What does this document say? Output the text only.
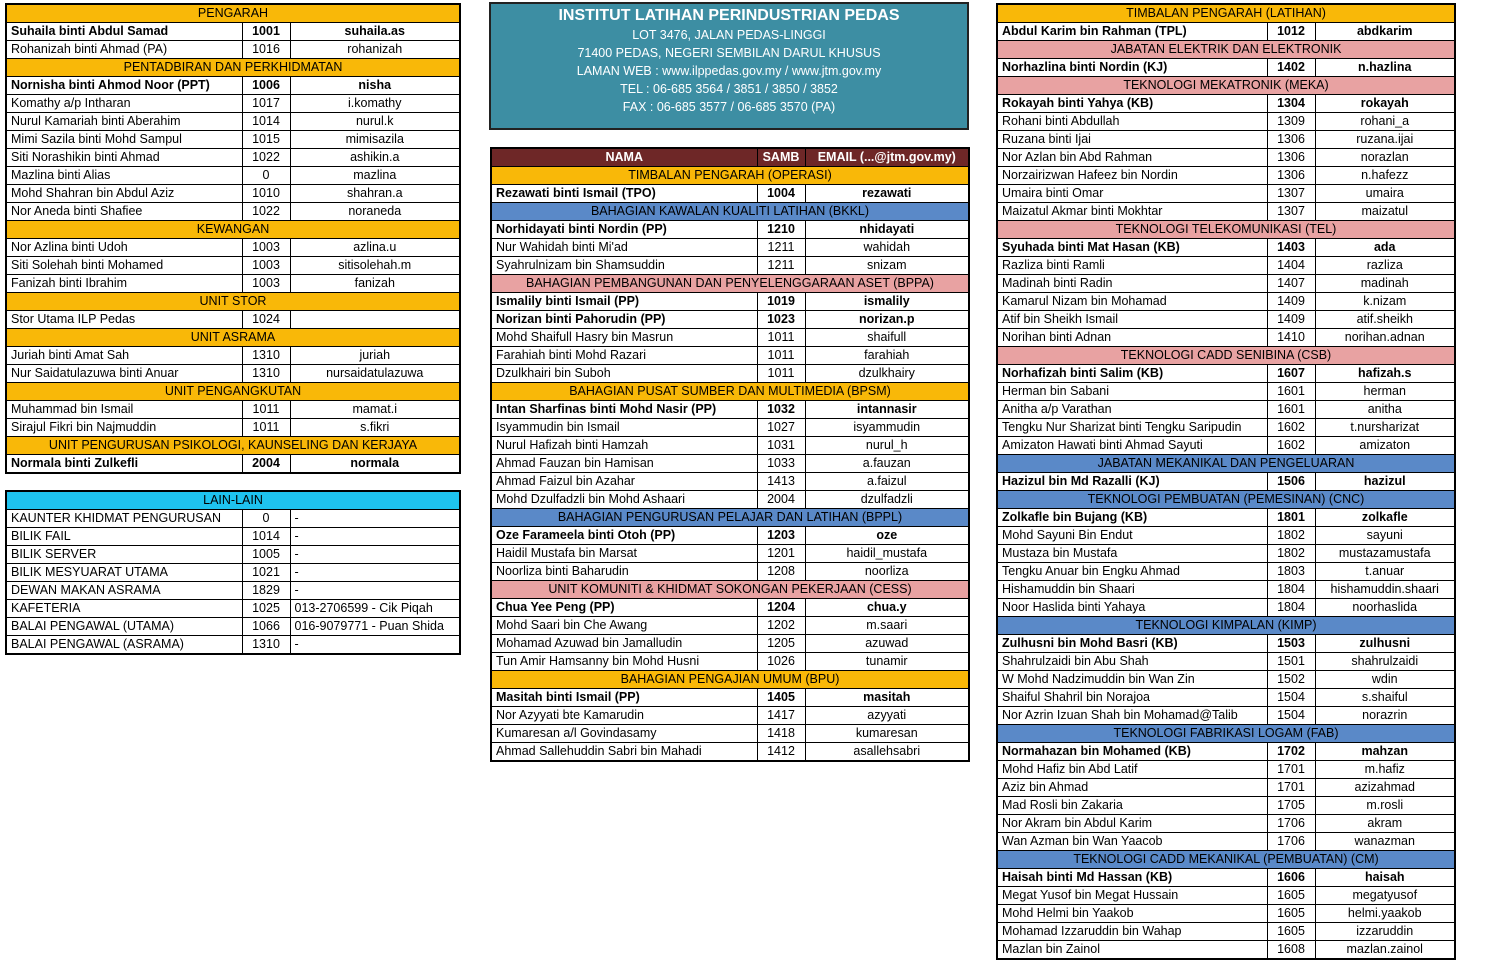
INSTITUT LATIHAN PERINDUSTRIAN PEDAS
LOT 3476, JALAN PEDAS-LINGGI
71400 PEDAS, NEGERI SEMBILAN DARUL KHUSUS
LAMAN WEB : www.ilppedas.gov.my / www.jtm.gov.my
TEL : 06-685 3564 / 3851 / 3850 / 3852
FAX : 06-685 3577 / 06-685 3570 (PA)
PENGARAH		
Suhaila binti Abdul Samad	1001	suhaila.as
Rohanizah binti Ahmad (PA)	1016	rohanizah
PENTADBIRAN DAN PERKHIDMATAN		
Nornisha binti Ahmod Noor (PPT)	1006	nisha
Komathy a/p Intharan	1017	i.komathy
Nurul Kamariah binti Aberahim	1014	nurul.k
Mimi Sazila binti Mohd Sampul	1015	mimisazila
Siti Norashikin binti Ahmad	1022	ashikin.a
Mazlina binti Alias	0	mazlina
Mohd Shahran bin Abdul Aziz	1010	shahran.a
Nor Aneda binti Shafiee	1022	noraneda
KEWANGAN		
Nor Azlina binti Udoh	1003	azlina.u
Siti Solehah binti Mohamed	1003	sitisolehah.m
Fanizah binti Ibrahim	1003	fanizah
UNIT STOR		
Stor Utama ILP Pedas	1024	
UNIT ASRAMA		
Juriah binti Amat Sah	1310	juriah
Nur Saidatulazuwa binti Anuar	1310	nursaidatulazuwa
UNIT PENGANGKUTAN		
Muhammad bin Ismail	1011	mamat.i
Sirajul Fikri bin Najmuddin	1011	s.fikri
UNIT PENGURUSAN PSIKOLOGI, KAUNSELING DAN KERJAYA		
Normala binti Zulkefli	2004	normala
LAIN-LAIN		
KAUNTER KHIDMAT PENGURUSAN	0	-
BILIK FAIL	1014	-
BILIK SERVER	1005	-
BILIK MESYUARAT UTAMA	1021	-
DEWAN MAKAN ASRAMA	1829	-
KAFETERIA	1025	013-2706599 - Cik Piqah
BALAI PENGAWAL (UTAMA)	1066	016-9079771 - Puan Shida
BALAI PENGAWAL (ASRAMA)	1310	-
NAMA	SAMB	EMAIL (...@jtm.gov.my)
TIMBALAN PENGARAH (OPERASI)		
Rezawati binti Ismail (TPO)	1004	rezawati
BAHAGIAN KAWALAN KUALITI LATIHAN (BKKL)		
Norhidayati binti Nordin (PP)	1210	nhidayati
Nur Wahidah binti Mi'ad	1211	wahidah
Syahrulnizam bin Shamsuddin	1211	snizam
BAHAGIAN PEMBANGUNAN DAN PENYELENGGARAAN ASET (BPPA)		
Ismalily binti Ismail (PP)	1019	ismalily
Norizan binti Pahorudin (PP)	1023	norizan.p
Mohd Shaifull Hasry bin Masrun	1011	shaifull
Farahiah binti Mohd Razari	1011	farahiah
Dzulkhairi bin Suboh	1011	dzulkhairy
BAHAGIAN PUSAT SUMBER DAN MULTIMEDIA (BPSM)		
Intan Sharfinas binti Mohd Nasir (PP)	1032	intannasir
Isyammudin bin Ismail	1027	isyammudin
Nurul Hafizah binti Hamzah	1031	nurul_h
Ahmad Fauzan bin Hamisan	1033	a.fauzan
Ahmad Faizul bin Azahar	1413	a.faizul
Mohd Dzulfadzli bin Mohd Ashaari	2004	dzulfadzli
BAHAGIAN PENGURUSAN PELAJAR DAN LATIHAN (BPPL)		
Oze Farameela binti Otoh (PP)	1203	oze
Haidil Mustafa bin Marsat	1201	haidil_mustafa
Noorliza binti Baharudin	1208	noorliza
UNIT KOMUNITI & KHIDMAT SOKONGAN PEKERJAAN (CESS)		
Chua Yee Peng (PP)	1204	chua.y
Mohd Saari bin Che Awang	1202	m.saari
Mohamad Azuwad bin Jamalludin	1205	azuwad
Tun Amir Hamsanny bin Mohd Husni	1026	tunamir
BAHAGIAN PENGAJIAN UMUM (BPU)		
Masitah binti Ismail (PP)	1405	masitah
Nor Azyyati bte Kamarudin	1417	azyyati
Kumaresan a/l Govindasamy	1418	kumaresan
Ahmad Sallehuddin Sabri bin Mahadi	1412	asallehsabri
TIMBALAN PENGARAH (LATIHAN)		
Abdul Karim bin Rahman (TPL)	1012	abdkarim
JABATAN ELEKTRIK DAN ELEKTRONIK		
Norhazlina binti Nordin (KJ)	1402	n.hazlina
TEKNOLOGI MEKATRONIK (MEKA)		
Rokayah binti Yahya (KB)	1304	rokayah
Rohani binti Abdullah	1309	rohani_a
Ruzana binti Ijai	1306	ruzana.ijai
Nor Azlan bin Abd Rahman	1306	norazlan
Norzairizwan Hafeez bin Nordin	1306	n.hafezz
Umaira binti Omar	1307	umaira
Maizatul Akmar binti Mokhtar	1307	maizatul
TEKNOLOGI TELEKOMUNIKASI (TEL)		
Syuhada binti Mat Hasan (KB)	1403	ada
Razliza binti Ramli	1404	razliza
Madinah binti Radin	1407	madinah
Kamarul Nizam bin Mohamad	1409	k.nizam
Atif bin Sheikh Ismail	1409	atif.sheikh
Norihan binti Adnan	1410	norihan.adnan
TEKNOLOGI CADD SENIBINA (CSB)		
Norhafizah binti Salim (KB)	1607	hafizah.s
Herman bin Sabani	1601	herman
Anitha a/p Varathan	1601	anitha
Tengku Nur Sharizat binti Tengku Saripudin	1602	t.nursharizat
Amizaton Hawati binti Ahmad Sayuti	1602	amizaton
JABATAN MEKANIKAL DAN PENGELUARAN		
Hazizul bin Md Razalli (KJ)	1506	hazizul
TEKNOLOGI PEMBUATAN (PEMESINAN) (CNC)		
Zolkafle bin Bujang (KB)	1801	zolkafle
Mohd Sayuni Bin Endut	1802	sayuni
Mustaza bin Mustafa	1802	mustazamustafa
Tengku Anuar bin Engku Ahmad	1803	t.anuar
Hishamuddin bin Shaari	1804	hishamuddin.shaari
Noor Haslida binti Yahaya	1804	noorhaslida
TEKNOLOGI KIMPALAN (KIMP)		
Zulhusni bin Mohd Basri (KB)	1503	zulhusni
Shahrulzaidi bin Abu Shah	1501	shahrulzaidi
W Mohd Nadzimuddin bin Wan Zin	1502	wdin
Shaiful Shahril bin Norajoa	1504	s.shaiful
Nor Azrin Izuan Shah bin Mohamad@Talib	1504	norazrin
TEKNOLOGI FABRIKASI LOGAM (FAB)		
Normahazan bin Mohamed (KB)	1702	mahzan
Mohd Hafiz bin Abd Latif	1701	m.hafiz
Aziz bin Ahmad	1701	azizahmad
Mad Rosli bin Zakaria	1705	m.rosli
Nor Akram bin Abdul Karim	1706	akram
Wan Azman bin Wan Yaacob	1706	wanazman
TEKNOLOGI CADD MEKANIKAL (PEMBUATAN) (CM)		
Haisah binti Md Hassan (KB)	1606	haisah
Megat Yusof bin Megat Hussain	1605	megatyusof
Mohd Helmi bin Yaakob	1605	helmi.yaakob
Mohamad Izzaruddin bin Wahap	1605	izzaruddin
Mazlan bin Zainol	1608	mazlan.zainol
